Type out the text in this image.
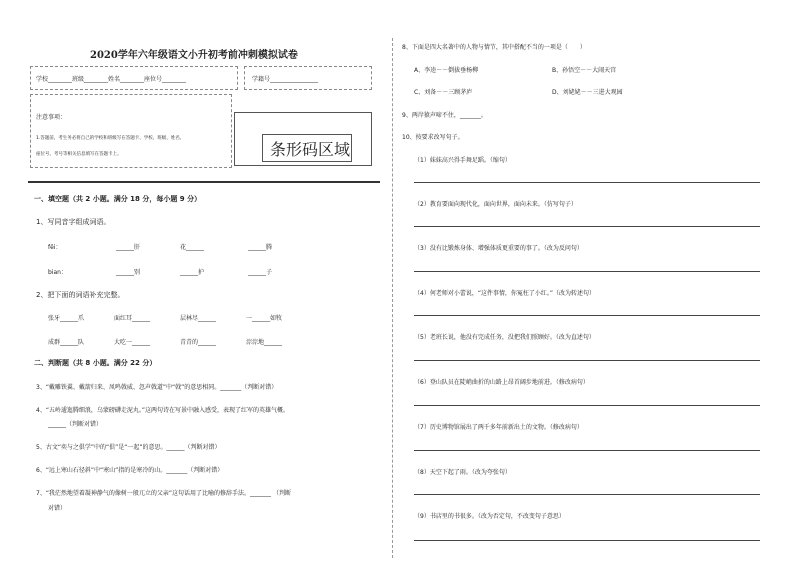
2020学年六年级语文小升初考前冲刺模拟试卷
学校________班级________姓名________座位号________	学籍号________________
注意事项：
1.答题前，考生务必将自己的学校和班级写在答题卡、学校、班级、姓名、
座位号、考号等相关信息填写在答题卡上。	条形码区域
一、填空题（共 2 小题。满分 18 分，每小题 9 分）
1、写同音字组成词语。
fēi：	______肝	花______	______腾
bian：	______别	______护	______子
2、把下面的词语补充完整。
张牙______爪	面红耳______	层林尽______	一______如牧
成群______队	大吃一______	青青的______	淙淙地______
二、判断题（共 8 小题。满分 22 分）
3、“戴雕铁翼、戴箭归来、凤鸣戟威、忽声戟道”中“戟”的意思相同。_______（判断对错）
4、“五岭逶迤腾细浪，乌蒙磅礴走泥丸。”这两句诗在写景中融入感受，表现了红军的英雄气概。
______（判断对错）
5、古文“奕与之俱学”中的“俱”是“一起”的意思。______（判断对错）
6、“远上寒山石径斜”中“寒山”指的是寒冷的山。_______（判断对错）
7、“我茫然地望着凝神静气的像树一般兀立的父亲”这句话用了比喻的修辞手法。_______ （判断
对错）
8、下面是四大名著中的人物与情节，其中搭配不当的一项是（　　）
A、李逵－－倒拔垂杨柳	B、孙悟空－－大闹天宫
C、刘备－－三顾茅庐	D、刘姥姥－－三进大观园
9、两岸猿声啼不住，_______。
10、按要求改写句子。
（1）妹妹高兴得手舞足蹈。（缩句）
（2）教育要面向现代化，面向世界，面向未来。（仿写句子）
（3）没有比锻炼身体、增强体质更重要的事了。（改为反问句）
（4）何老师对小蕾说，“这件事情，你冤枉了小红。”（改为转述句）
（5）老班长说，他没有完成任务，没把我们照顾好。（改为直述句）
（6）登山队员在陡峭曲折的山路上昂首阔步地前进。（修改病句）
（7）历史博物馆展出了两千多年前新出土的文物。（修改病句）
（8）天空下起了雨。（改为夸张句）
（9）书店里的书很多。（改为否定句，不改变句子意思）
